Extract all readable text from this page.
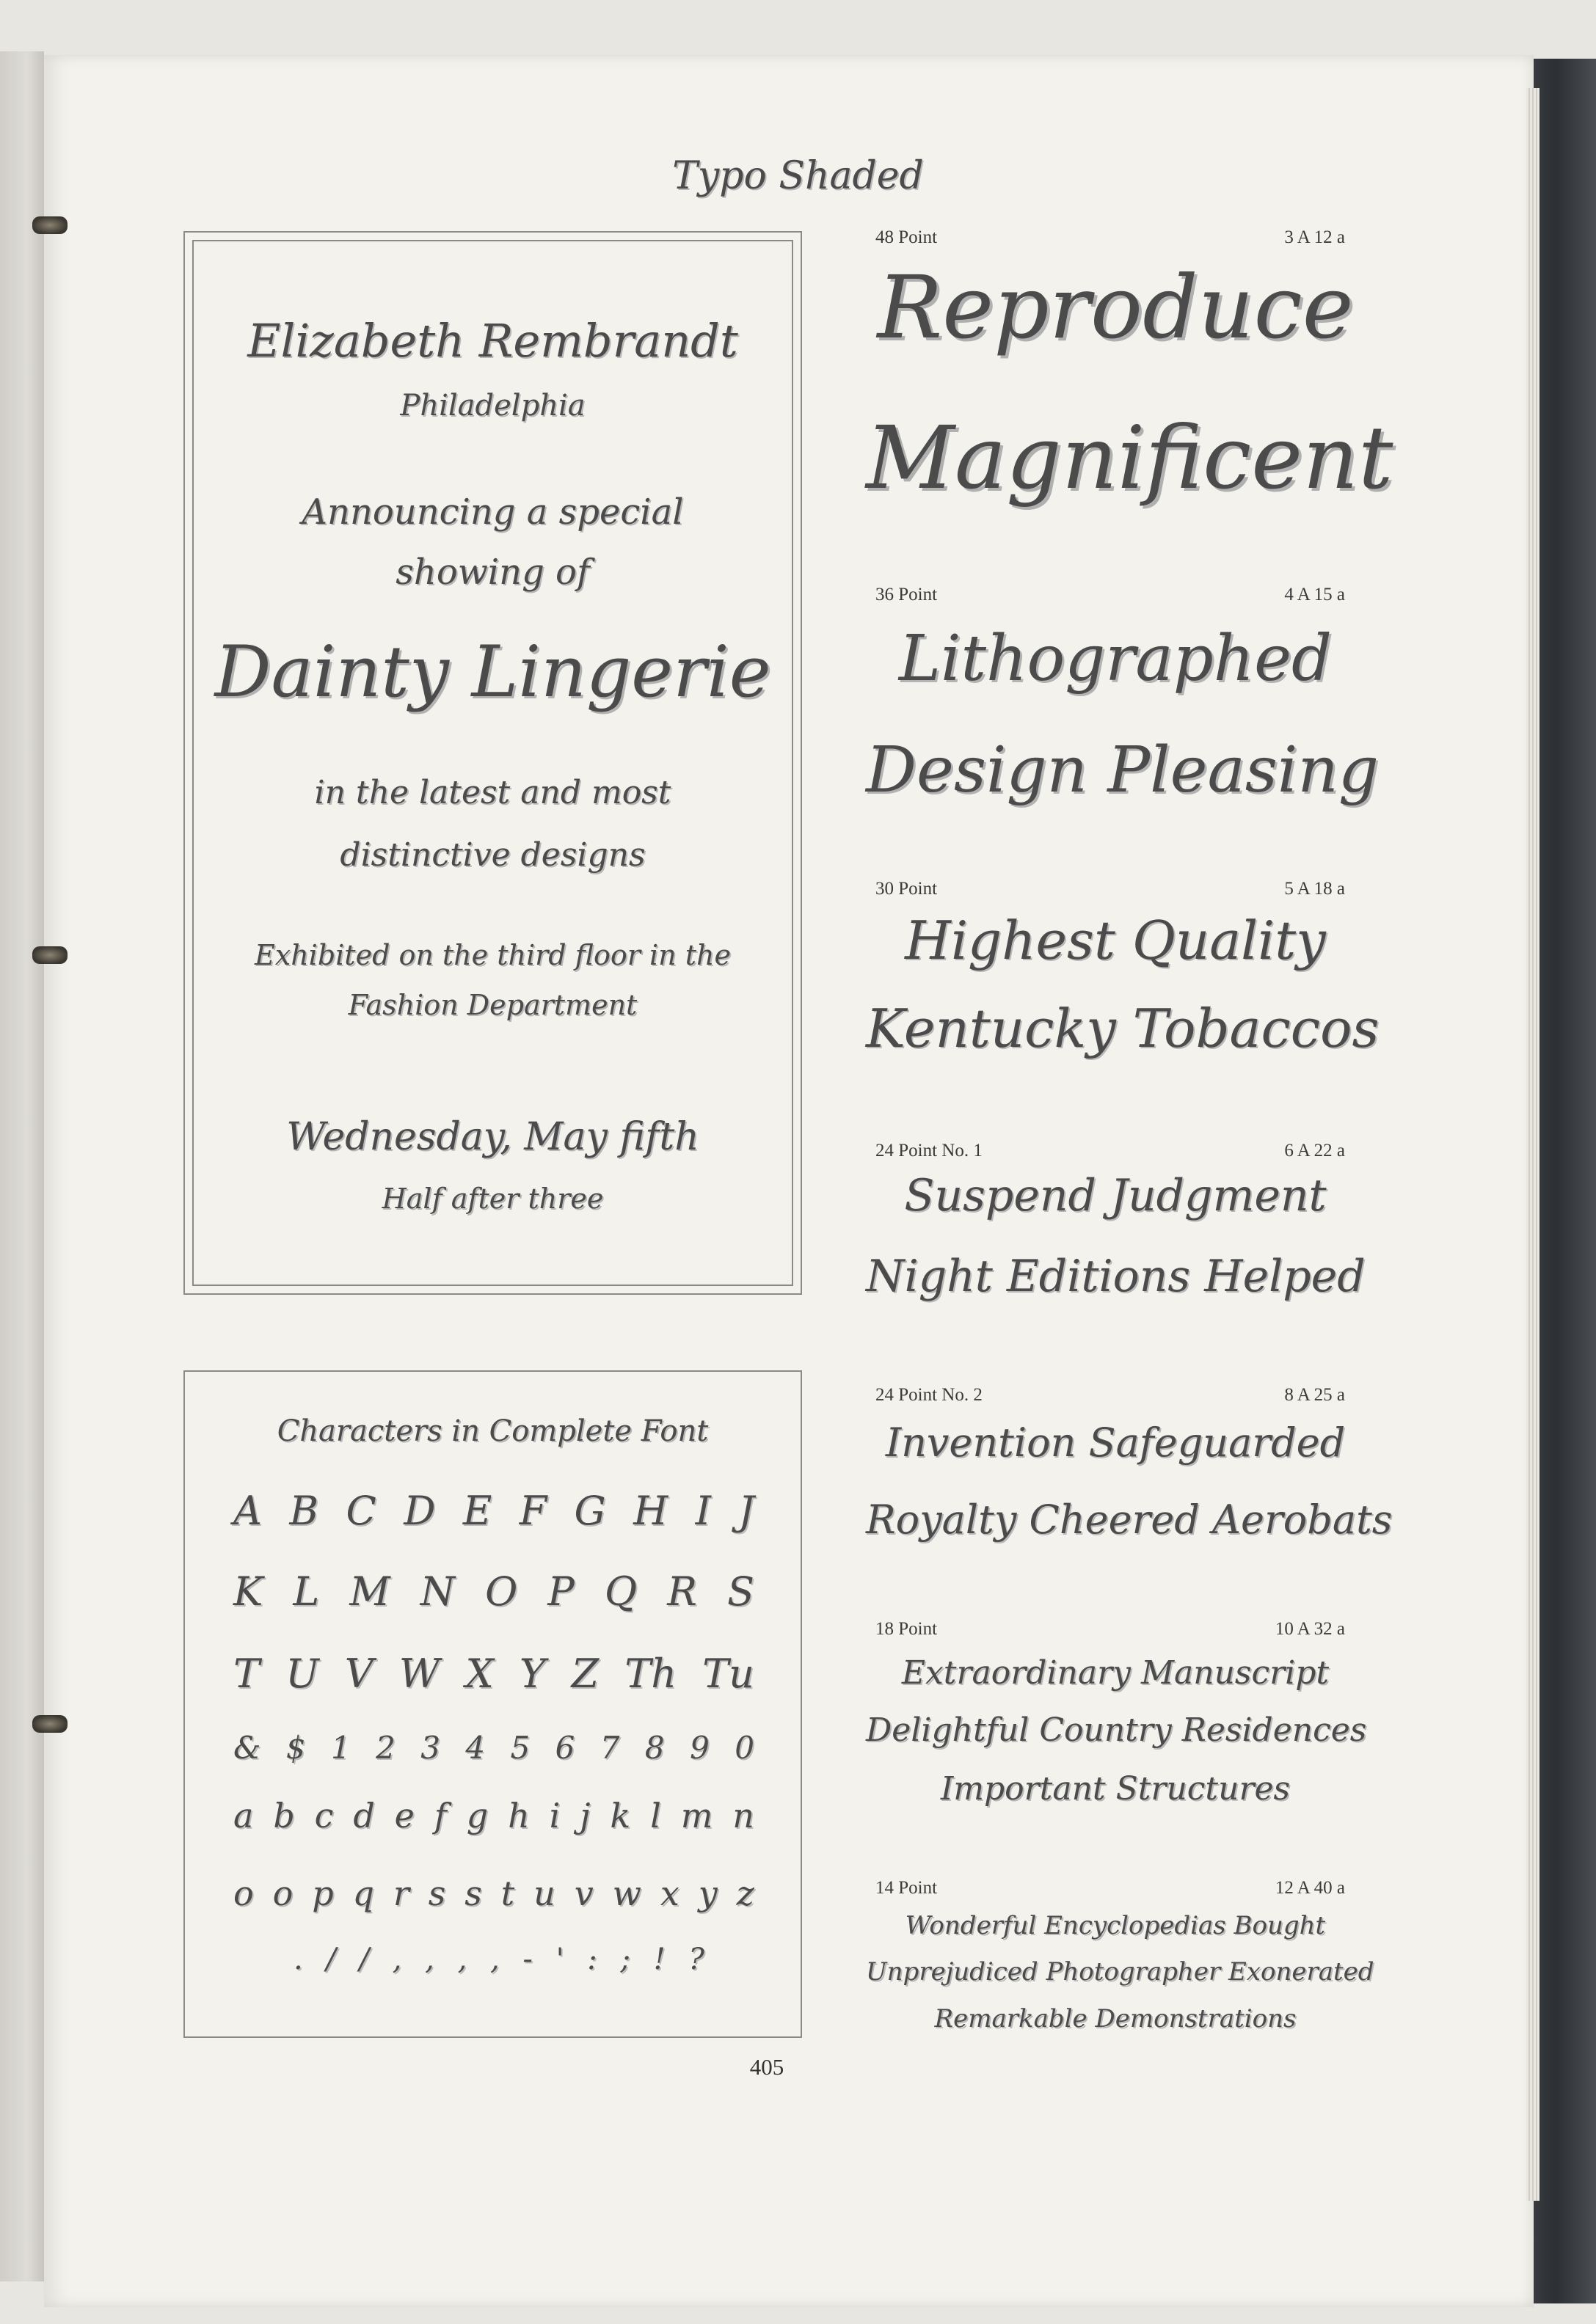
Typo Shaded
Elizabeth Rembrandt
Philadelphia
Announcing a special
showing of
Dainty Lingerie
in the latest and most
distinctive designs
Exhibited on the third floor in the
Fashion Department
Wednesday, May fifth
Half after three
Characters in Complete Font
A B C D E F G H I J
K L M N O P Q R S
T U V W X Y Z Th Tu
& $ 1 2 3 4 5 6 7 8 9 0
a b c d e f g h i j k l m n
o o p q r s s t u v w x y z
. / / , , , , - ' : ; ! ?
48 Point	3 A 12 a
Reproduce
Magnificent
36 Point	4 A 15 a
Lithographed
Design Pleasing
30 Point	5 A 18 a
Highest Quality
Kentucky Tobaccos
24 Point No. 1	6 A 22 a
Suspend Judgment
Night Editions Helped
24 Point No. 2	8 A 25 a
Invention Safeguarded
Royalty Cheered Aerobats
18 Point	10 A 32 a
Extraordinary Manuscript
Delightful Country Residences
Important Structures
14 Point	12 A 40 a
Wonderful Encyclopedias Bought
Unprejudiced Photographer Exonerated
Remarkable Demonstrations
405
